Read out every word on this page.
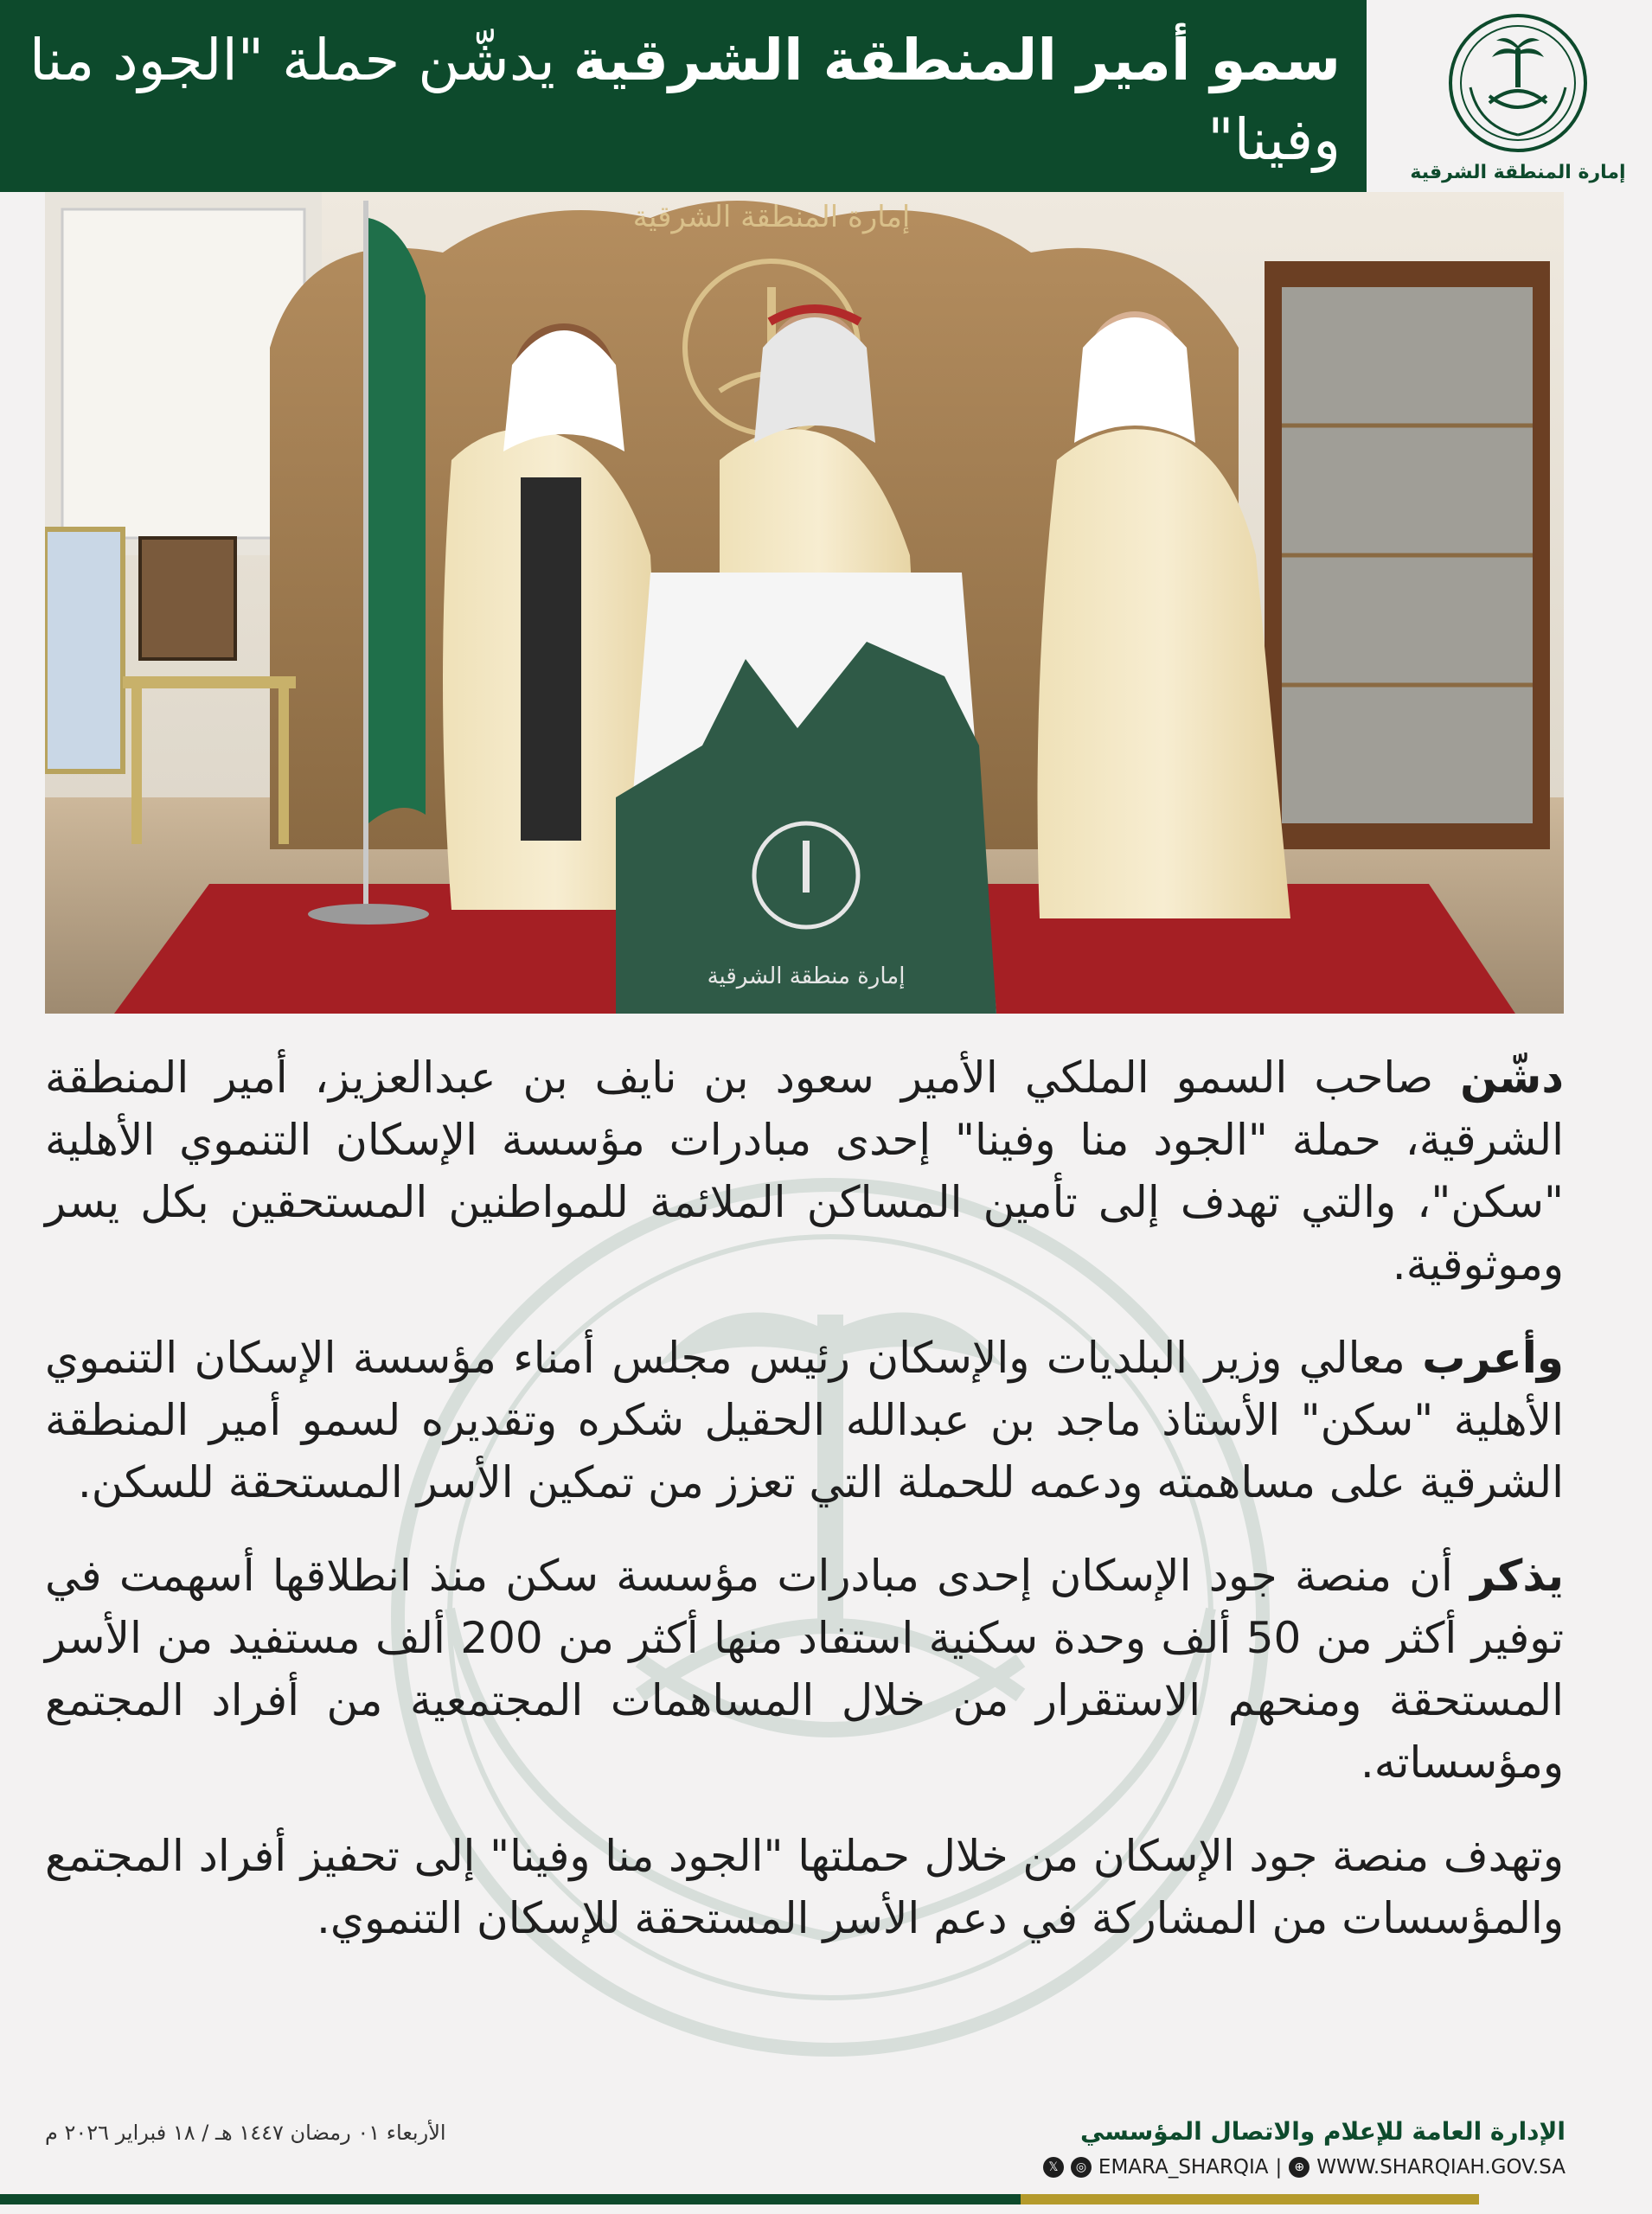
سمو أمير المنطقة الشرقية يدشّن حملة "الجود منا وفينا"	إمارة المنطقة الشرقية
إمارة المنطقة الشرقية
إمارة منطقة الشرقية

دشّن صاحب السمو الملكي الأمير سعود بن نايف بن عبدالعزيز، أمير المنطقة الشرقية، حملة "الجود منا وفينا" إحدى مبادرات مؤسسة الإسكان التنموي الأهلية "سكن"، والتي تهدف إلى تأمين المساكن الملائمة للمواطنين المستحقين بكل يسر وموثوقية.

وأعرب معالي وزير البلديات والإسكان رئيس مجلس أمناء مؤسسة الإسكان التنموي الأهلية "سكن" الأستاذ ماجد بن عبدالله الحقيل شكره وتقديره لسمو أمير المنطقة الشرقية على مساهمته ودعمه للحملة التي تعزز من تمكين الأسر المستحقة للسكن.

يذكر أن منصة جود الإسكان إحدى مبادرات مؤسسة سكن منذ انطلاقها أسهمت في توفير أكثر من 50 ألف وحدة سكنية استفاد منها أكثر من 200 ألف مستفيد من الأسر المستحقة ومنحهم الاستقرار من خلال المساهمات المجتمعية من أفراد المجتمع ومؤسساته.

وتهدف منصة جود الإسكان من خلال حملتها "الجود منا وفينا" إلى تحفيز أفراد المجتمع والمؤسسات من المشاركة في دعم الأسر المستحقة للإسكان التنموي.

الإدارة العامة للإعلام والاتصال المؤسسي
𝕏	◎ EMARA_SHARQIA |	⊕ WWW.SHARQIAH.GOV.SA
الأربعاء ٠١ رمضان ١٤٤٧ هـ / ١٨ فبراير ٢٠٢٦ م
